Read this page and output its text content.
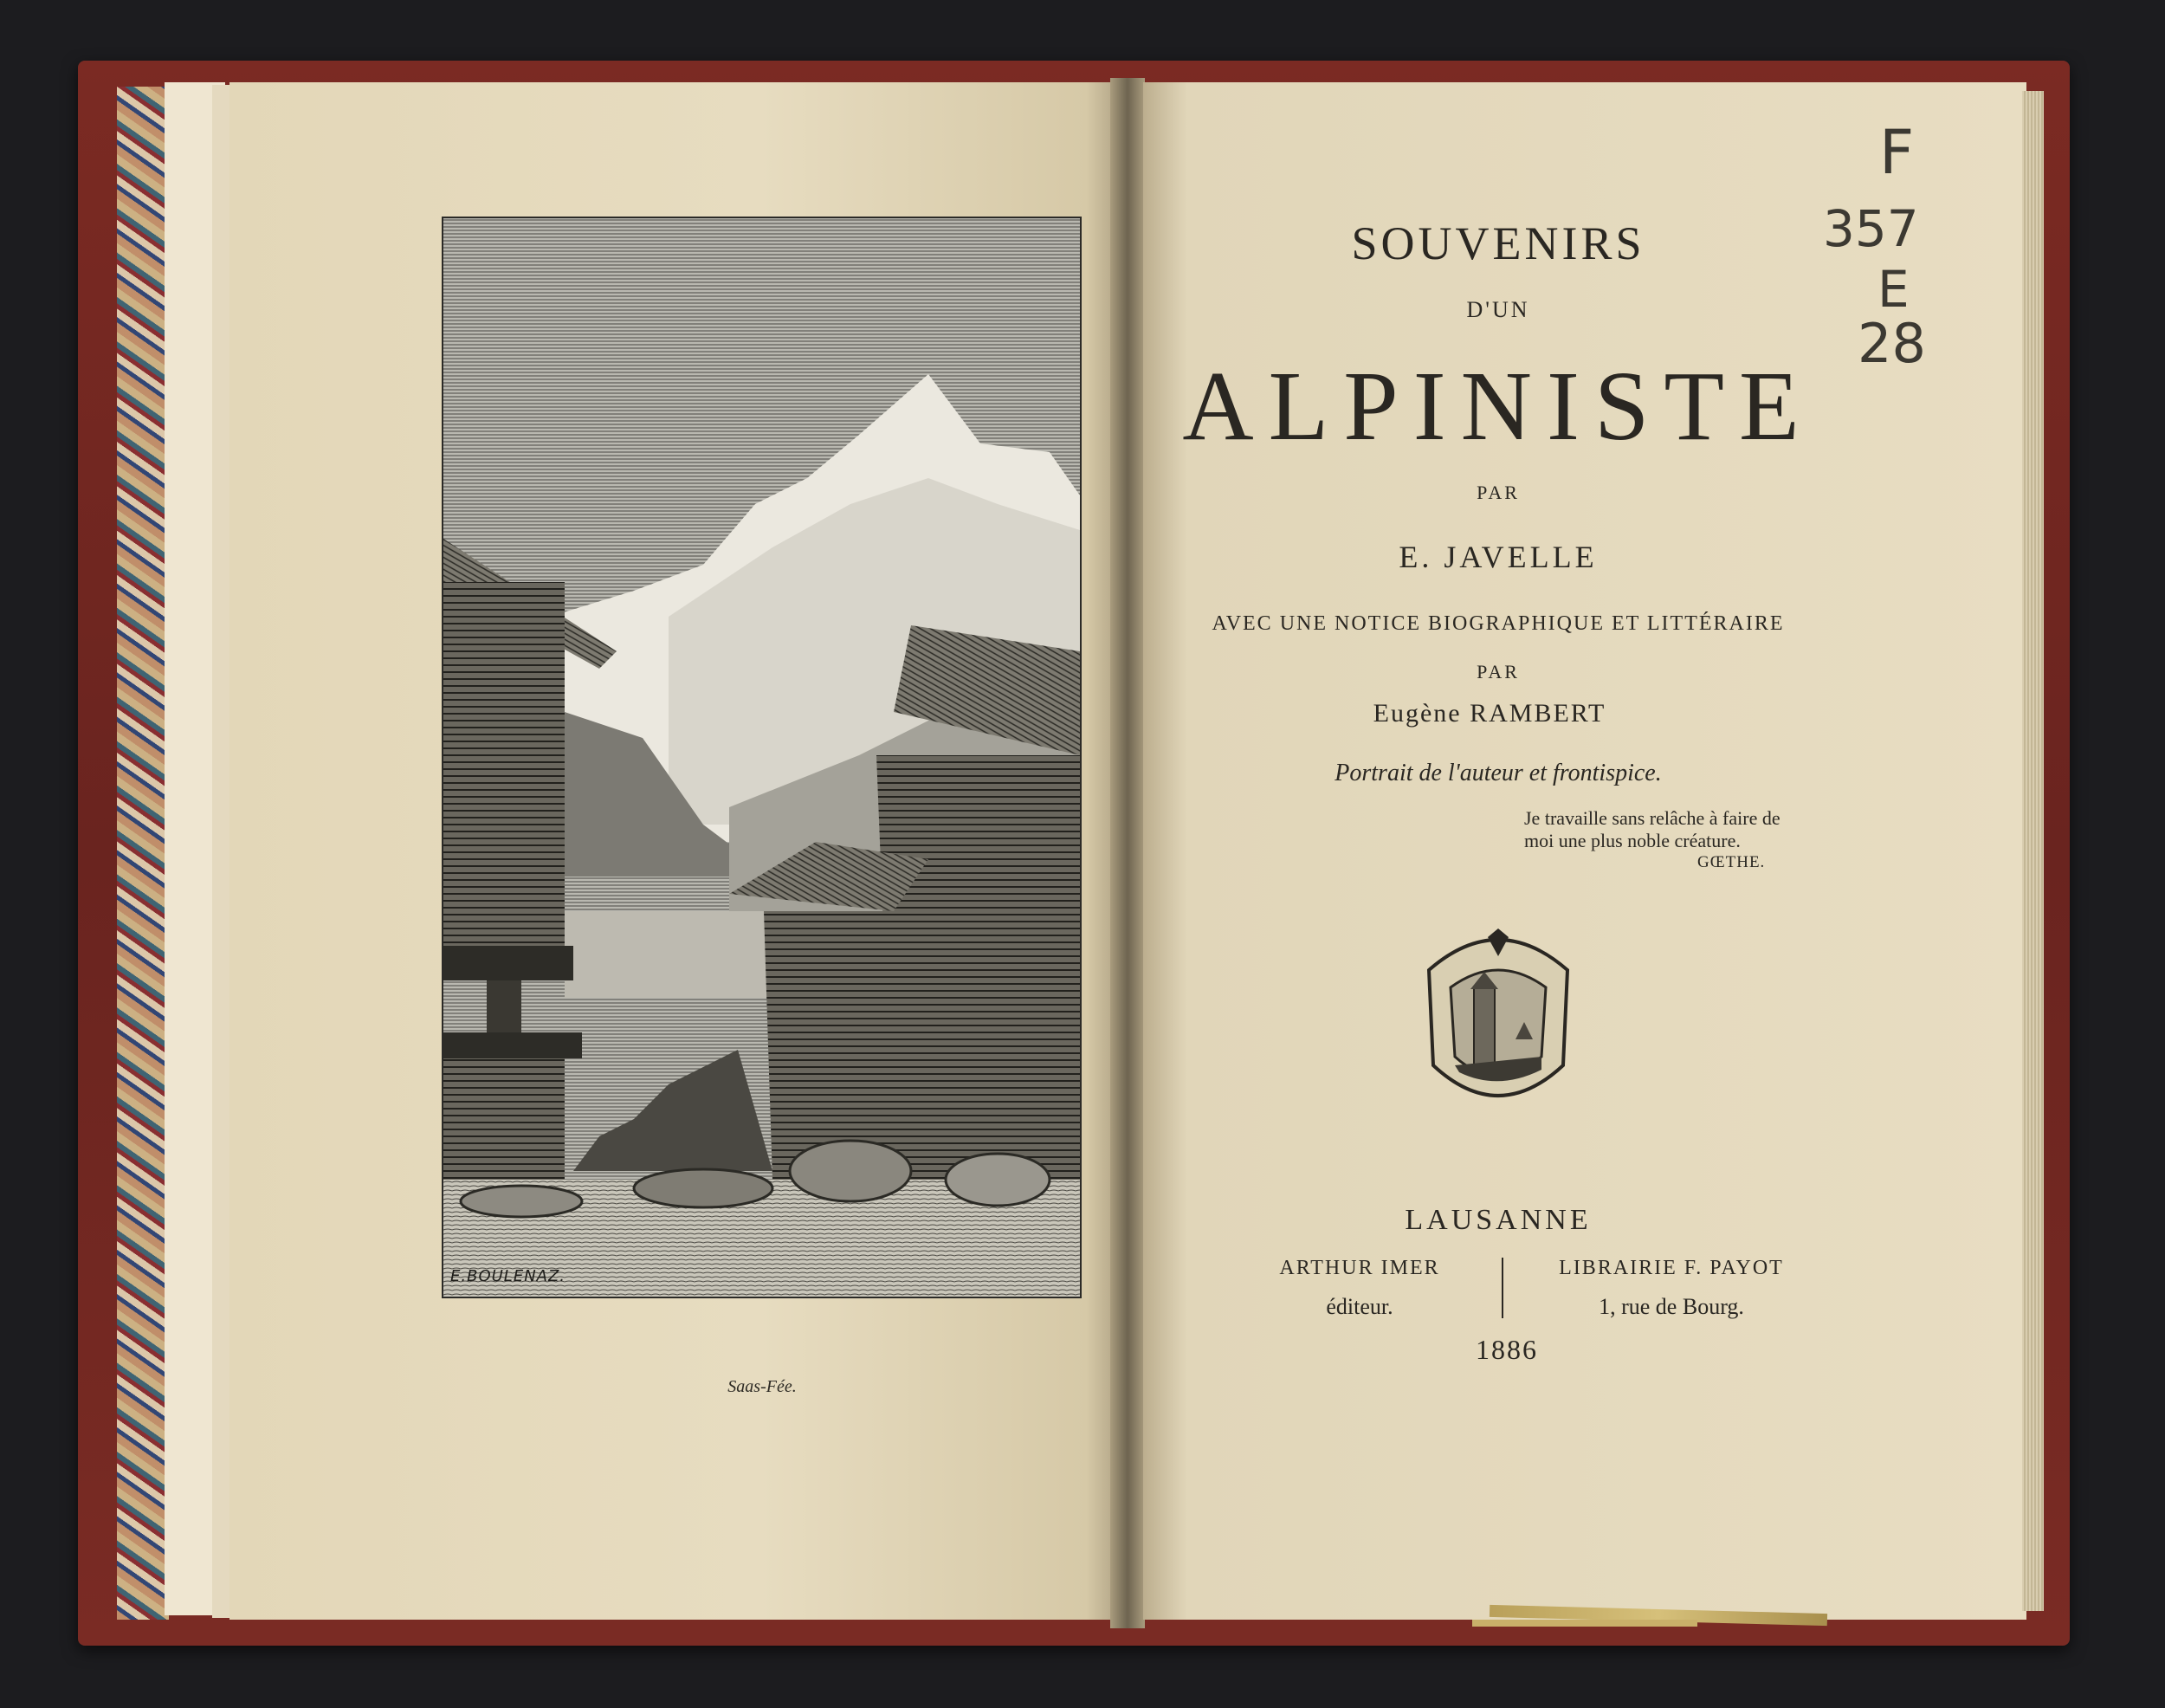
E.BOULENAZ.
Saas-Fée.
SOUVENIRS
D'UN
ALPINISTE
PAR
E. JAVELLE
AVEC UNE NOTICE BIOGRAPHIQUE ET LITTÉRAIRE
PAR
Eugène RAMBERT
Portrait de l'auteur et frontispice.
Je travaille sans relâche à faire de
moi une plus noble créature.
GŒTHE.
LAUSANNE
ARTHUR IMER
éditeur.
LIBRAIRIE F. PAYOT
1, rue de Bourg.
1886
F
357
E
28
